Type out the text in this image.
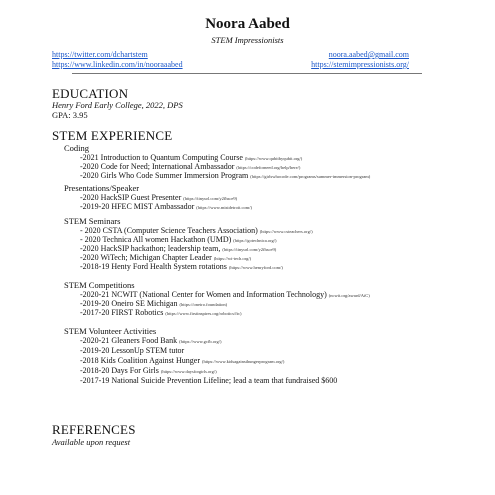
Noora Aabed
STEM Impressionists
https://twitter.com/dchartstem
https://www.linkedin.com/in/nooraaabed
noora.aabed@gmail.com
https://stemimpressionists.org/
EDUCATION
Henry Ford Early College, 2022, DPS
GPA: 3.95
STEM EXPERIENCE
Coding
-2021 Introduction to Quantum Computing Course (https://www.qubitbyqubit.org/)
-2020 Code for Need; International Ambassador (https://codeforneed.org/help/here/)
-2020 Girls Who Code Summer Immersion Program (https://girlswhocode.com/programs/summer-immersion-program)
Presentations/Speaker
-2020 HackSIP Guest Presenter (https://tinyurl.com/y2fhsce9)
-2019-20 HFEC MIST Ambassador (https://www.mistdetroit.com/)
STEM Seminars
- 2020 CSTA (Computer Science Teachers Association) (https://www.csteachers.org/)
- 2020 Technica All women Hackathon (UMD) (https://gotechnica.org/)
-2020 HackSIP hackathon; leadership team, (https://tinyurl.com/y2fhsce9)
-2020 WiTech; Michigan Chapter Leader (https://wi-tech.org/)
-2018-19 Henty Ford Health System rotations (https://www.henryford.com/)
STEM Competitions
-2020-21 NCWIT (National Center for Women and Information Technology) (ncwit.org/award/AiC)
-2019-20 Oneiro SE Michigan (https://oneiro.foundation)
-2017-20 FIRST Robotics (https://www.firstinspires.org/robotics/ftc)
STEM Volunteer Activities
-2020-21 Gleaners Food Bank (https://www.gcfb.org/)
-2019-20 LessonUp STEM tutor
-2018 Kids Coalition Against Hunger (https://www.kidsagainsthungerprogram.org/)
-2018-20 Days For Girls (https://www.daysforgirls.org/)
-2017-19 National Suicide Prevention Lifeline; lead a team that fundraised $600
REFERENCES
Available upon request
